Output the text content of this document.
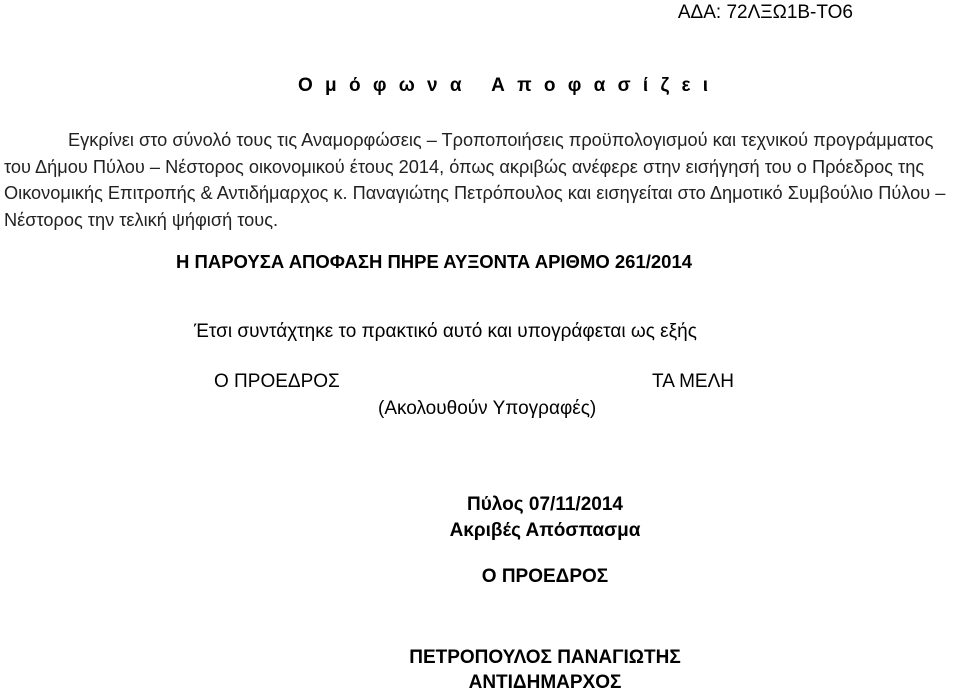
ΑΔΑ: 72ΛΞΩ1Β-ΤΟ6
Ο μ ό φ ω ν α Α π ο φ α σ ί ζ ε ι
Εγκρίνει στο σύνολό τους τις Αναμορφώσεις – Τροποποιήσεις προϋπολογισμού και τεχνικού προγράμματος του Δήμου Πύλου – Νέστορος οικονομικού έτους 2014, όπως ακριβώς ανέφερε στην εισήγησή του ο Πρόεδρος της Οικονομικής Επιτροπής & Αντιδήμαρχος κ. Παναγιώτης Πετρόπουλος και εισηγείται στο Δημοτικό Συμβούλιο Πύλου – Νέστορος την τελική ψήφισή τους.
Η ΠΑΡΟΥΣΑ ΑΠΟΦΑΣΗ ΠΗΡΕ ΑΥΞΟΝΤΑ ΑΡΙΘΜΟ 261/2014
Έτσι συντάχτηκε το πρακτικό αυτό και υπογράφεται ως εξής
Ο ΠΡΟΕΔΡΟΣ	ΤΑ ΜΕΛΗ
(Ακολουθούν Υπογραφές)
Πύλος 07/11/2014
Ακριβές Απόσπασμα
Ο ΠΡΟΕΔΡΟΣ
ΠΕΤΡΟΠΟΥΛΟΣ ΠΑΝΑΓΙΩΤΗΣ
ΑΝΤΙΔΗΜΑΡΧΟΣ
